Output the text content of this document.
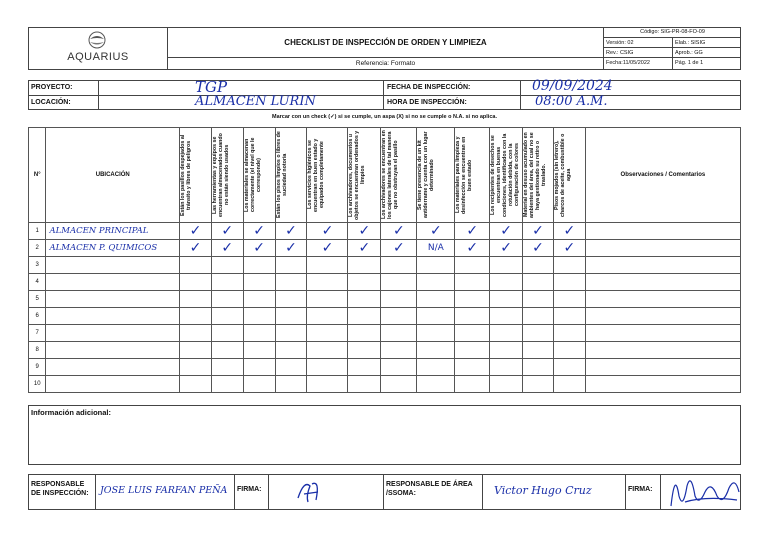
AQUARIUS
CHECKLIST DE INSPECCIÓN DE ORDEN Y LIMPIEZA
Referencia: Formato
Código: SIG-PR-08-FO-09
Versión: 02	Elab.: SISIG
Rev.: CSIG	Aprob.: GG
Fecha:11/05/2022	Pág. 1 de 1
PROYECTO:	TGP
LOCACIÓN:	ALMACEN LURIN
FECHA DE INSPECCIÓN:	09/09/2024
HORA DE INSPECCIÓN:	08:00 A.M.
Marcar con un check (✓) si se cumple, un aspa (X) si no se cumple o N.A. si no aplica.
N°	UBICACIÓN	Están los pasillos despejados al tránsito y libres de peligros	Las herramientas y equipos se encuentran almacenados cuando no están siendo usados	Los materiales se almacenan correctamente (el nivel que le corresponde)	Están los pisos limpios o libres de suciedad notoria	Los servicios higiénicos se encuentran en buen estado y equipados completamente	Los archivadores, documentos u objetos se encuentran ordenados y limpios	Los archivadores se encuentran en los cajones laterales de tal manera que no obstruyan el pasillo	Se tiene presencia de un kit antiderrame y cuenta con un lugar determinado	Los materiales para limpieza y desinfección se encuentran en buen estado	Los recipientes de desechos se encuentran en buenas condiciones, identificados con la rotulación debida, con la configuración de colores	Material en desuso acumulado en ambientes del área, del cual no se haya gestionado su retiro o traslado.	Pisos mojados (sin letrero), charcos de aceite, combustible o agua	Observaciones / Comentarios
1	ALMACEN PRINCIPAL	✓	✓	✓	✓	✓	✓	✓	✓	✓	✓	✓	✓	
2	ALMACEN P. QUIMICOS	✓	✓	✓	✓	✓	✓	✓	N/A	✓	✓	✓	✓	
3														
4														
5														
6														
7														
8														
9														
10														
Información adicional:
RESPONSABLE DE INSPECCIÓN:	JOSE LUIS FARFAN PEÑA FIRMA:
RESPONSABLE DE ÁREA /SSOMA:	Victor Hugo Cruz	FIRMA:
